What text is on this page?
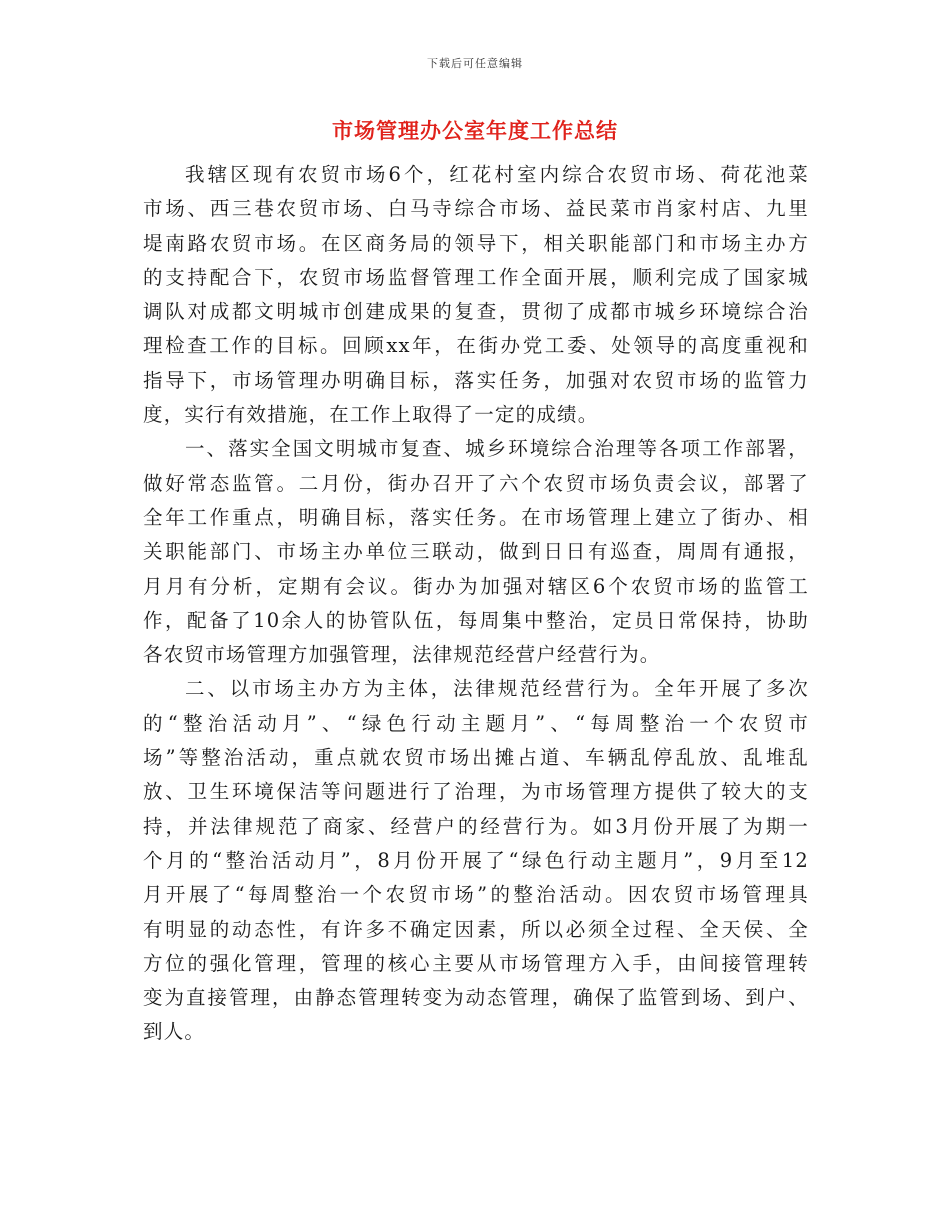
下载后可任意编辑
市场管理办公室年度工作总结

我辖区现有农贸市场6个，红花村室内综合农贸市场、荷花池菜
市场、西三巷农贸市场、白马寺综合市场、益民菜市肖家村店、九里
堤南路农贸市场。在区商务局的领导下，相关职能部门和市场主办方
的支持配合下，农贸市场监督管理工作全面开展，顺利完成了国家城
调队对成都文明城市创建成果的复查，贯彻了成都市城乡环境综合治
理检查工作的目标。回顾xx年，在街办党工委、处领导的高度重视和
指导下，市场管理办明确目标，落实任务，加强对农贸市场的监管力
度，实行有效措施，在工作上取得了一定的成绩。

一、落实全国文明城市复查、城乡环境综合治理等各项工作部署，
做好常态监管。二月份，街办召开了六个农贸市场负责会议，部署了
全年工作重点，明确目标，落实任务。在市场管理上建立了街办、相
关职能部门、市场主办单位三联动，做到日日有巡查，周周有通报，
月月有分析，定期有会议。街办为加强对辖区6个农贸市场的监管工
作，配备了10余人的协管队伍，每周集中整治，定员日常保持，协助
各农贸市场管理方加强管理，法律规范经营户经营行为。

二、以市场主办方为主体，法律规范经营行为。全年开展了多次
的“整治活动月”、“绿色行动主题月”、“每周整治一个农贸市
场”等整治活动，重点就农贸市场出摊占道、车辆乱停乱放、乱堆乱
放、卫生环境保洁等问题进行了治理，为市场管理方提供了较大的支
持，并法律规范了商家、经营户的经营行为。如3月份开展了为期一
个月的“整治活动月”，8月份开展了“绿色行动主题月”，9月至12
月开展了“每周整治一个农贸市场”的整治活动。因农贸市场管理具
有明显的动态性，有许多不确定因素，所以必须全过程、全天侯、全
方位的强化管理，管理的核心主要从市场管理方入手，由间接管理转
变为直接管理，由静态管理转变为动态管理，确保了监管到场、到户、
到人。
